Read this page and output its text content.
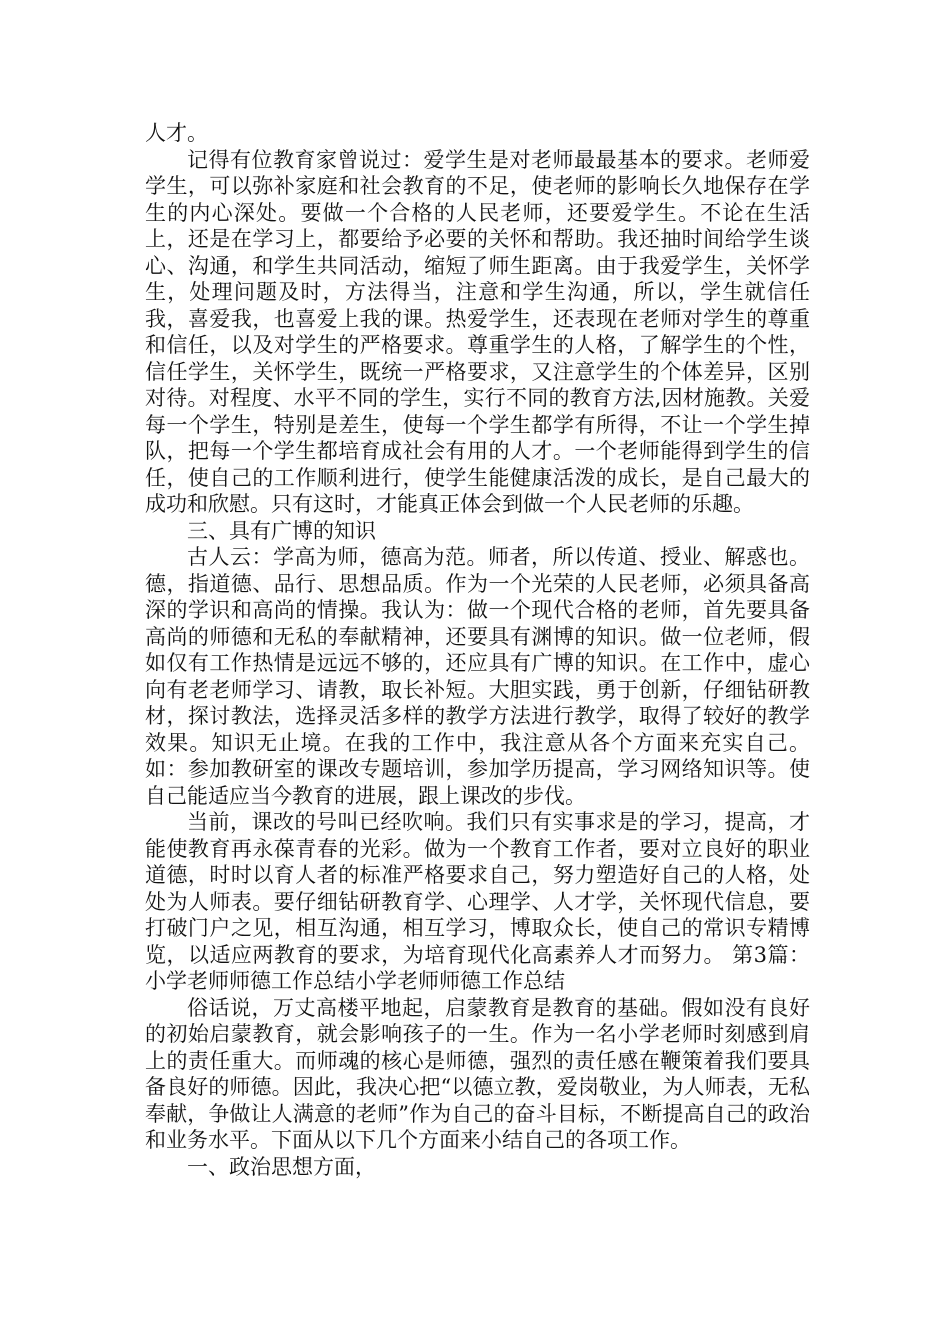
人才。

记得有位教育家曾说过：爱学生是对老师最最基本的要求。老师爱学生，可以弥补家庭和社会教育的不足，使老师的影响长久地保存在学生的内心深处。要做一个合格的人民老师，还要爱学生。不论在生活上，还是在学习上，都要给予必要的关怀和帮助。我还抽时间给学生谈心、沟通，和学生共同活动，缩短了师生距离。由于我爱学生，关怀学生，处理问题及时，方法得当，注意和学生沟通，所以，学生就信任我，喜爱我，也喜爱上我的课。热爱学生，还表现在老师对学生的尊重和信任，以及对学生的严格要求。尊重学生的人格，了解学生的个性，信任学生，关怀学生，既统一严格要求，又注意学生的个体差异，区别对待。对程度、水平不同的学生，实行不同的教育方法,因材施教。关爱每一个学生，特别是差生，使每一个学生都学有所得，不让一个学生掉队，把每一个学生都培育成社会有用的人才。一个老师能得到学生的信任，使自己的工作顺利进行，使学生能健康活泼的成长，是自己最大的成功和欣慰。只有这时，才能真正体会到做一个人民老师的乐趣。

三、具有广博的知识

古人云：学高为师，德高为范。师者，所以传道、授业、解惑也。德，指道德、品行、思想品质。作为一个光荣的人民老师，必须具备高深的学识和高尚的情操。我认为：做一个现代合格的老师，首先要具备高尚的师德和无私的奉献精神，还要具有渊博的知识。做一位老师，假如仅有工作热情是远远不够的，还应具有广博的知识。在工作中，虚心向有老老师学习、请教，取长补短。大胆实践，勇于创新，仔细钻研教材，探讨教法，选择灵活多样的教学方法进行教学，取得了较好的教学效果。知识无止境。在我的工作中，我注意从各个方面来充实自己。如：参加教研室的课改专题培训，参加学历提高，学习网络知识等。使自己能适应当今教育的进展，跟上课改的步伐。

当前，课改的号叫已经吹响。我们只有实事求是的学习，提高，才能使教育再永葆青春的光彩。做为一个教育工作者，要对立良好的职业道德，时时以育人者的标准严格要求自己，努力塑造好自己的人格，处处为人师表。要仔细钻研教育学、心理学、人才学，关怀现代信息，要打破门户之见，相互沟通，相互学习，博取众长，使自己的常识专精博览，以适应两教育的要求，为培育现代化高素养人才而努力。 第3篇：小学老师师德工作总结小学老师师德工作总结

俗话说，万丈高楼平地起，启蒙教育是教育的基础。假如没有良好的初始启蒙教育，就会影响孩子的一生。作为一名小学老师时刻感到肩上的责任重大。而师魂的核心是师德，强烈的责任感在鞭策着我们要具备良好的师德。因此，我决心把“以德立教，爱岗敬业，为人师表，无私奉献，争做让人满意的老师”作为自己的奋斗目标，不断提高自己的政治和业务水平。下面从以下几个方面来小结自己的各项工作。

一、政治思想方面，
